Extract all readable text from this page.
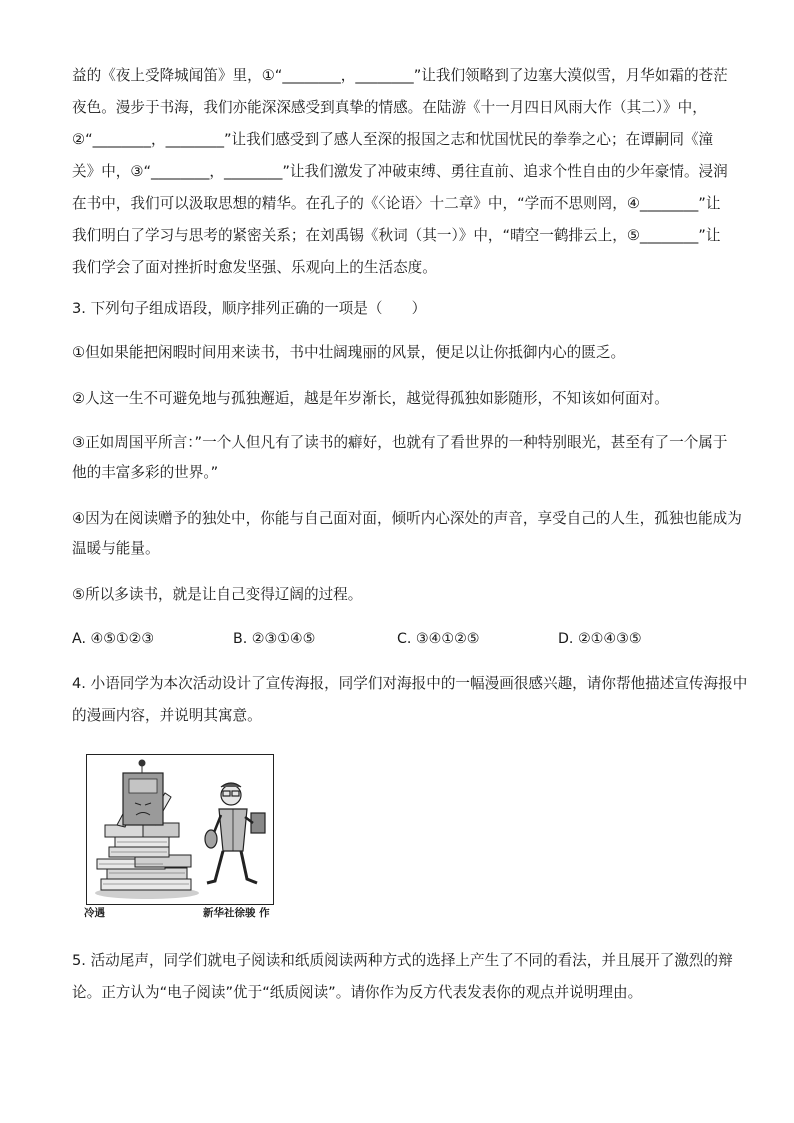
益的《夜上受降城闻笛》里，①“________，________”让我们领略到了边塞大漠似雪，月华如霜的苍茫
夜色。漫步于书海，我们亦能深深感受到真挚的情感。在陆游《十一月四日风雨大作（其二）》中，
②“________，________”让我们感受到了感人至深的报国之志和忧国忧民的拳拳之心；在谭嗣同《潼
关》中，③“________，________”让我们激发了冲破束缚、勇往直前、追求个性自由的少年豪情。浸润
在书中，我们可以汲取思想的精华。在孔子的《〈论语〉十二章》中，“学而不思则罔，④________”让
我们明白了学习与思考的紧密关系；在刘禹锡《秋词（其一）》中，“晴空一鹤排云上，⑤________”让
我们学会了面对挫折时愈发坚强、乐观向上的生活态度。
3. 下列句子组成语段，顺序排列正确的一项是（　　）
①但如果能把闲暇时间用来读书，书中壮阔瑰丽的风景，便足以让你抵御内心的匮乏。
②人这一生不可避免地与孤独邂逅，越是年岁渐长，越觉得孤独如影随形，不知该如何面对。
③正如周国平所言：”一个人但凡有了读书的癖好，也就有了看世界的一种特别眼光，甚至有了一个属于
他的丰富多彩的世界。”
④因为在阅读赠予的独处中，你能与自己面对面，倾听内心深处的声音，享受自己的人生，孤独也能成为
温暖与能量。
⑤所以多读书，就是让自己变得辽阔的过程。
A. ④⑤①②③	B. ②③①④⑤	C. ③④①②⑤	D. ②①④③⑤
4. 小语同学为本次活动设计了宣传海报，同学们对海报中的一幅漫画很感兴趣，请你帮他描述宣传海报中
的漫画内容，并说明其寓意。
冷遇	新华社徐骏 作
5. 活动尾声，同学们就电子阅读和纸质阅读两种方式的选择上产生了不同的看法，并且展开了激烈的辩
论。正方认为“电子阅读”优于“纸质阅读”。请你作为反方代表发表你的观点并说明理由。
